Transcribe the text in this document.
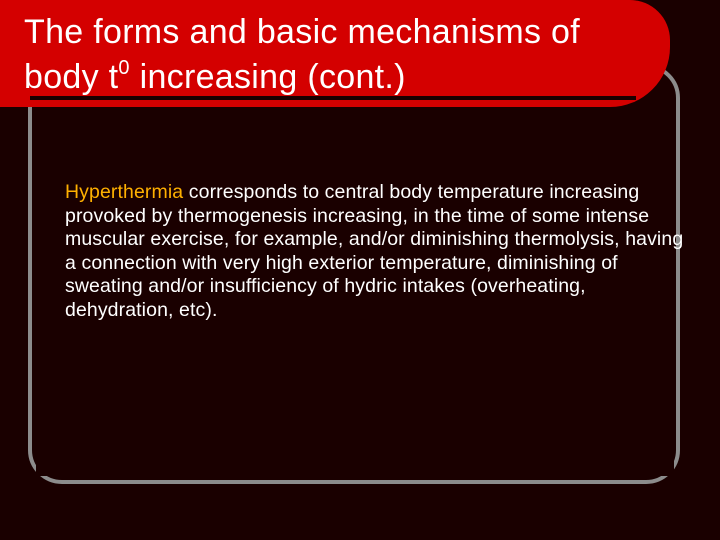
The forms and basic mechanisms of body $t^0$ increasing (cont.)

Hyperthermia corresponds to central body temperature increasing provoked by thermogenesis increasing, in the time of some intense muscular exercise, for example, and/or diminishing thermolysis, having a connection with very high exterior temperature, diminishing of sweating and/or insufficiency of hydric intakes (overheating, dehydration, etc).
